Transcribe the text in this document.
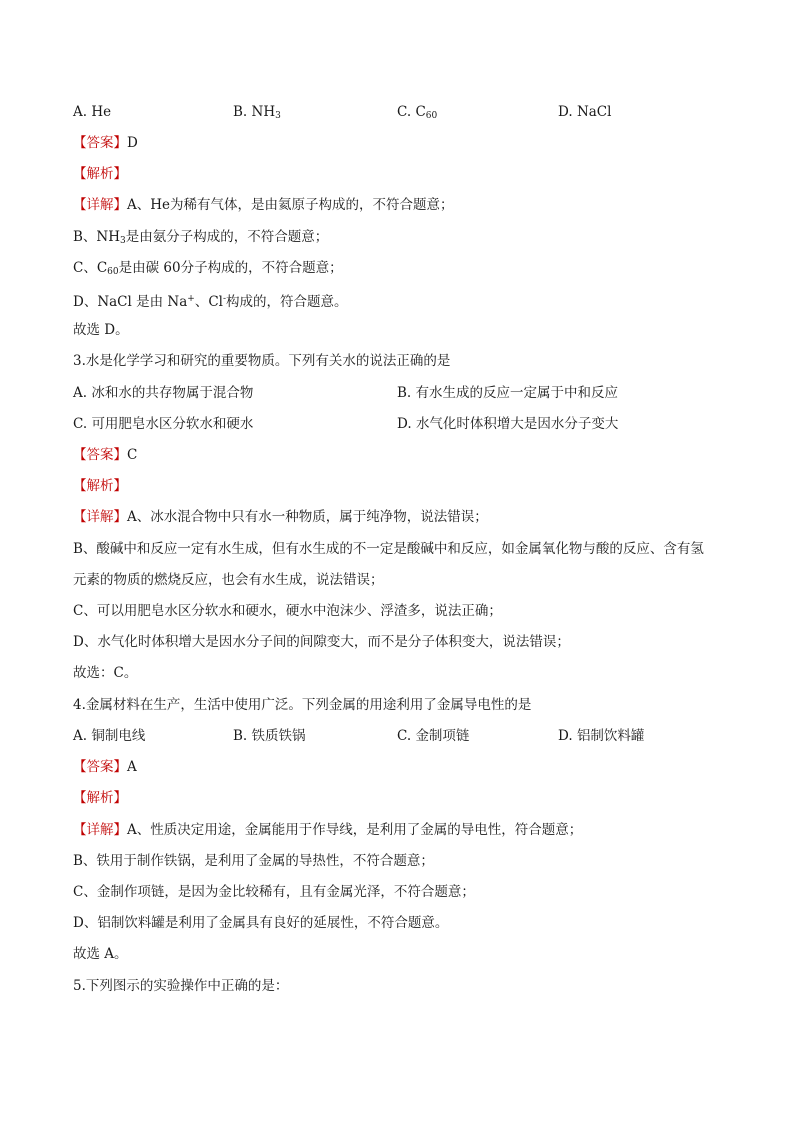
A. He	B. $NH_3$	C. $C_{60}$	D. NaCl
【答案】D
【解析】
【详解】A、He为稀有气体，是由氦原子构成的，不符合题意；
B、$NH_3$是由氨分子构成的，不符合题意；
C、$C_{60}$是由碳 60分子构成的，不符合题意；
D、NaCl 是由 Na+、Cl-构成的，符合题意。
故选 D。
3.水是化学学习和研究的重要物质。下列有关水的说法正确的是
A. 冰和水的共存物属于混合物	B. 有水生成的反应一定属于中和反应
C. 可用肥皂水区分软水和硬水	D. 水气化时体积增大是因水分子变大
【答案】C
【解析】
【详解】A、冰水混合物中只有水一种物质，属于纯净物，说法错误；
B、酸碱中和反应一定有水生成，但有水生成的不一定是酸碱中和反应，如金属氧化物与酸的反应、含有氢
元素的物质的燃烧反应，也会有水生成，说法错误；
C、可以用肥皂水区分软水和硬水，硬水中泡沫少、浮渣多，说法正确；
D、水气化时体积增大是因水分子间的间隙变大，而不是分子体积变大，说法错误；
故选：C。
4.金属材料在生产，生活中使用广泛。下列金属的用途利用了金属导电性的是
A. 铜制电线	B. 铁质铁锅	C. 金制项链	D. 铝制饮料罐
【答案】A
【解析】
【详解】A、性质决定用途，金属能用于作导线，是利用了金属的导电性，符合题意；
B、铁用于制作铁锅，是利用了金属的导热性，不符合题意；
C、金制作项链，是因为金比较稀有，且有金属光泽，不符合题意；
D、铝制饮料罐是利用了金属具有良好的延展性，不符合题意。
故选 A。
5.下列图示的实验操作中正确的是：
